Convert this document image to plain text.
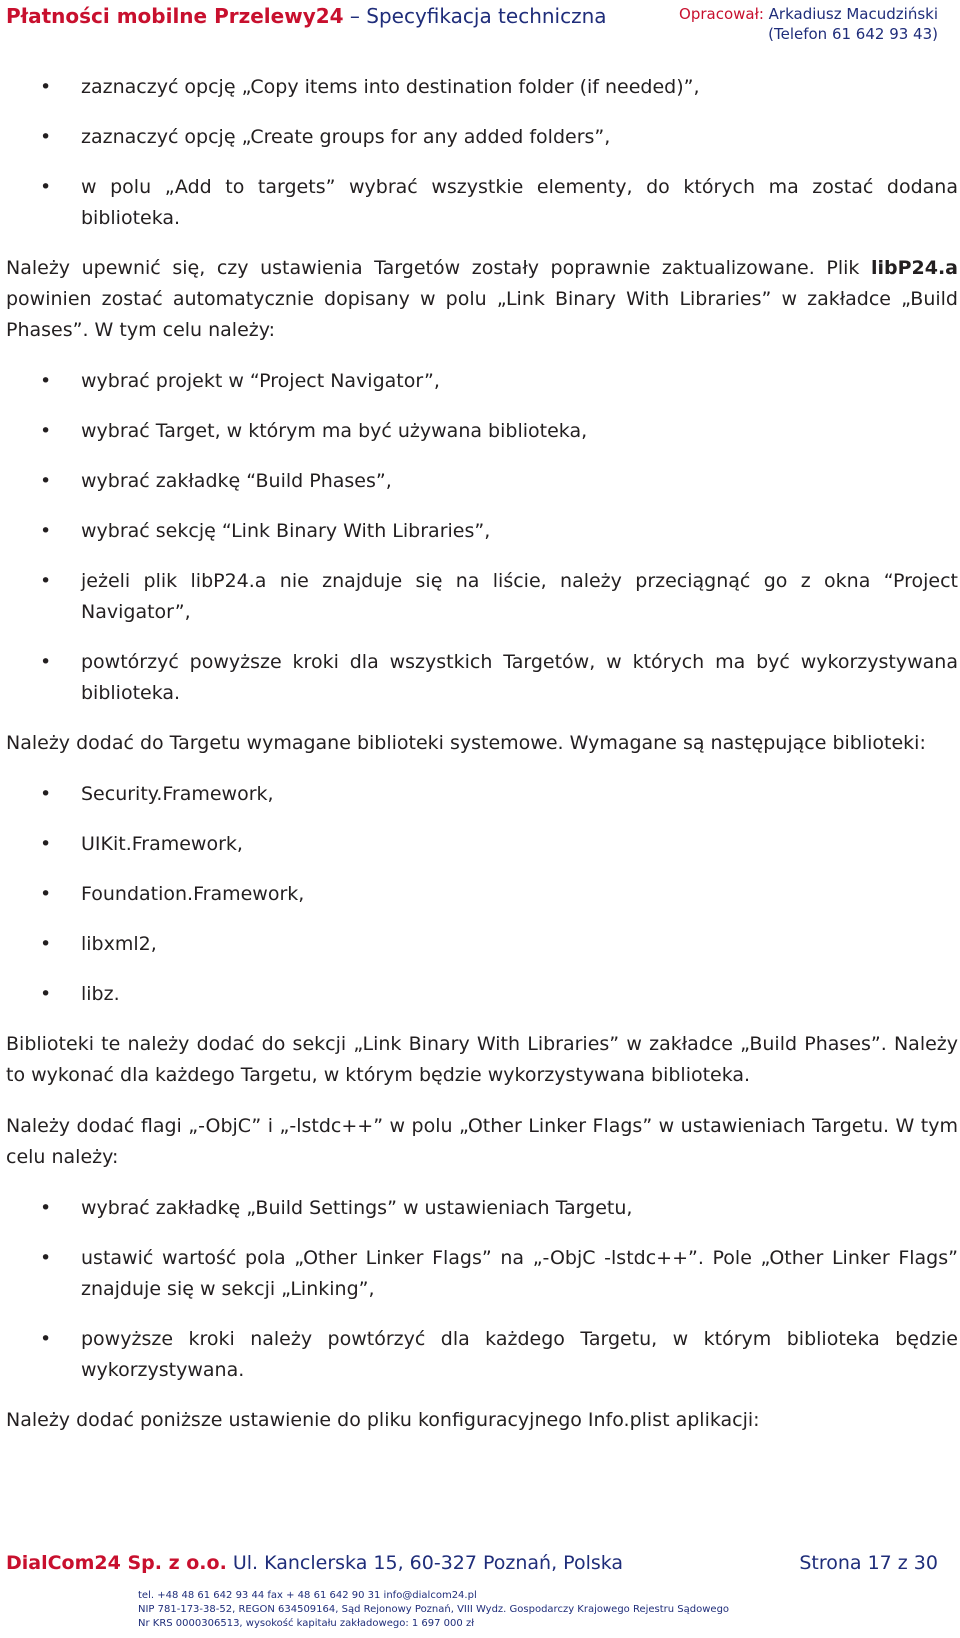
Płatności mobilne Przelewy24 – Specyfikacja techniczna	Opracował: Arkadiusz Macudziński
(Telefon 61 642 93 43)
• zaznaczyć opcję „Copy items into destination folder (if needed)”,
• zaznaczyć opcję „Create groups for any added folders”,
• w polu „Add to targets” wybrać wszystkie elementy, do których ma zostać dodana biblioteka.

Należy upewnić się, czy ustawienia Targetów zostały poprawnie zaktualizowane. Plik libP24.a powinien zostać automatycznie dopisany w polu „Link Binary With Libraries” w zakładce „Build Phases”. W tym celu należy:

• wybrać projekt w “Project Navigator”,
• wybrać Target, w którym ma być używana biblioteka,
• wybrać zakładkę “Build Phases”,
• wybrać sekcję “Link Binary With Libraries”,
• jeżeli plik libP24.a nie znajduje się na liście, należy przeciągnąć go z okna “Project Navigator”,
• powtórzyć powyższe kroki dla wszystkich Targetów, w których ma być wykorzystywana biblioteka.

Należy dodać do Targetu wymagane biblioteki systemowe. Wymagane są następujące biblioteki:

• Security.Framework,
• UIKit.Framework,
• Foundation.Framework,
• libxml2,
• libz.

Biblioteki te należy dodać do sekcji „Link Binary With Libraries” w zakładce „Build Phases”. Należy to wykonać dla każdego Targetu, w którym będzie wykorzystywana biblioteka.

Należy dodać flagi „-ObjC” i „-lstdc++” w polu „Other Linker Flags” w ustawieniach Targetu. W tym celu należy:

• wybrać zakładkę „Build Settings” w ustawieniach Targetu,
• ustawić wartość pola „Other Linker Flags” na „-ObjC -lstdc++”. Pole „Other Linker Flags” znajduje się w sekcji „Linking”,
• powyższe kroki należy powtórzyć dla każdego Targetu, w którym biblioteka będzie wykorzystywana.

Należy dodać poniższe ustawienie do pliku konfiguracyjnego Info.plist aplikacji:

DialCom24 Sp. z o.o. Ul. Kanclerska 15, 60-327 Poznań, Polska	Strona 17 z 30
tel. +48 48 61 642 93 44 fax + 48 61 642 90 31 info@dialcom24.pl
NIP 781-173-38-52, REGON 634509164, Sąd Rejonowy Poznań, VIII Wydz. Gospodarczy Krajowego Rejestru Sądowego
Nr KRS 0000306513, wysokość kapitału zakładowego: 1 697 000 zł
